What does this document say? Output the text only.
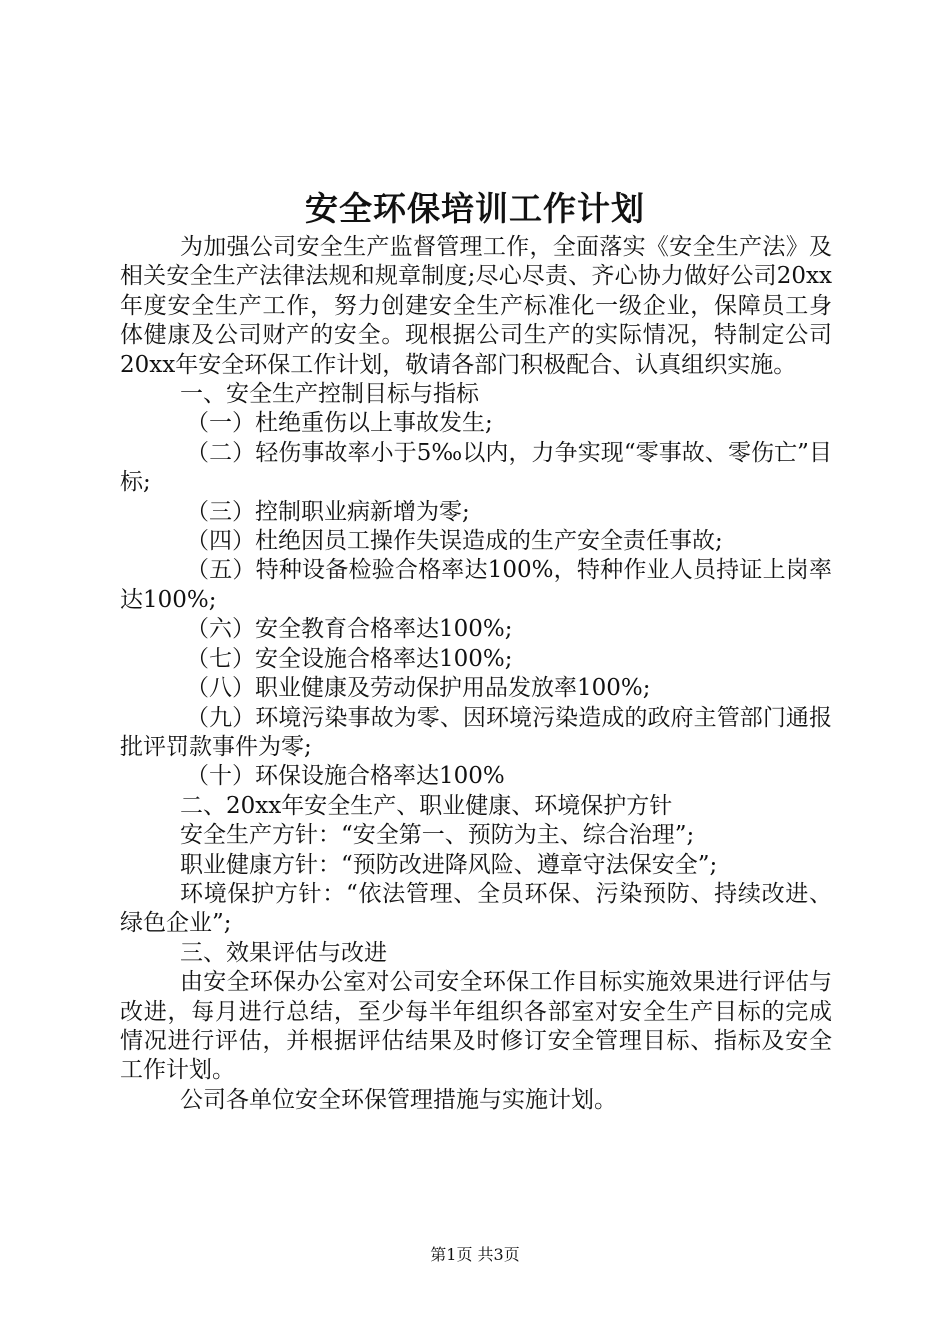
安全环保培训工作计划

为加强公司安全生产监督管理工作，全面落实《安全生产法》及相关安全生产法律法规和规章制度;尽心尽责、齐心协力做好公司20xx年度安全生产工作，努力创建安全生产标准化一级企业，保障员工身体健康及公司财产的安全。现根据公司生产的实际情况，特制定公司20xx年安全环保工作计划，敬请各部门积极配合、认真组织实施。

一、安全生产控制目标与指标

（一）杜绝重伤以上事故发生;

（二）轻伤事故率小于5‰以内，力争实现“零事故、零伤亡”目标;

（三）控制职业病新增为零;

（四）杜绝因员工操作失误造成的生产安全责任事故;

（五）特种设备检验合格率达100%，特种作业人员持证上岗率达100%;

（六）安全教育合格率达100%;

（七）安全设施合格率达100%;

（八）职业健康及劳动保护用品发放率100%;

（九）环境污染事故为零、因环境污染造成的政府主管部门通报批评罚款事件为零;

（十）环保设施合格率达100%

二、20xx年安全生产、职业健康、环境保护方针

安全生产方针：“安全第一、预防为主、综合治理”;

职业健康方针：“预防改进降风险、遵章守法保安全”;

环境保护方针：“依法管理、全员环保、污染预防、持续改进、绿色企业”;

三、效果评估与改进

由安全环保办公室对公司安全环保工作目标实施效果进行评估与改进，每月进行总结，至少每半年组织各部室对安全生产目标的完成情况进行评估，并根据评估结果及时修订安全管理目标、指标及安全工作计划。

公司各单位安全环保管理措施与实施计划。

第1页 共3页
